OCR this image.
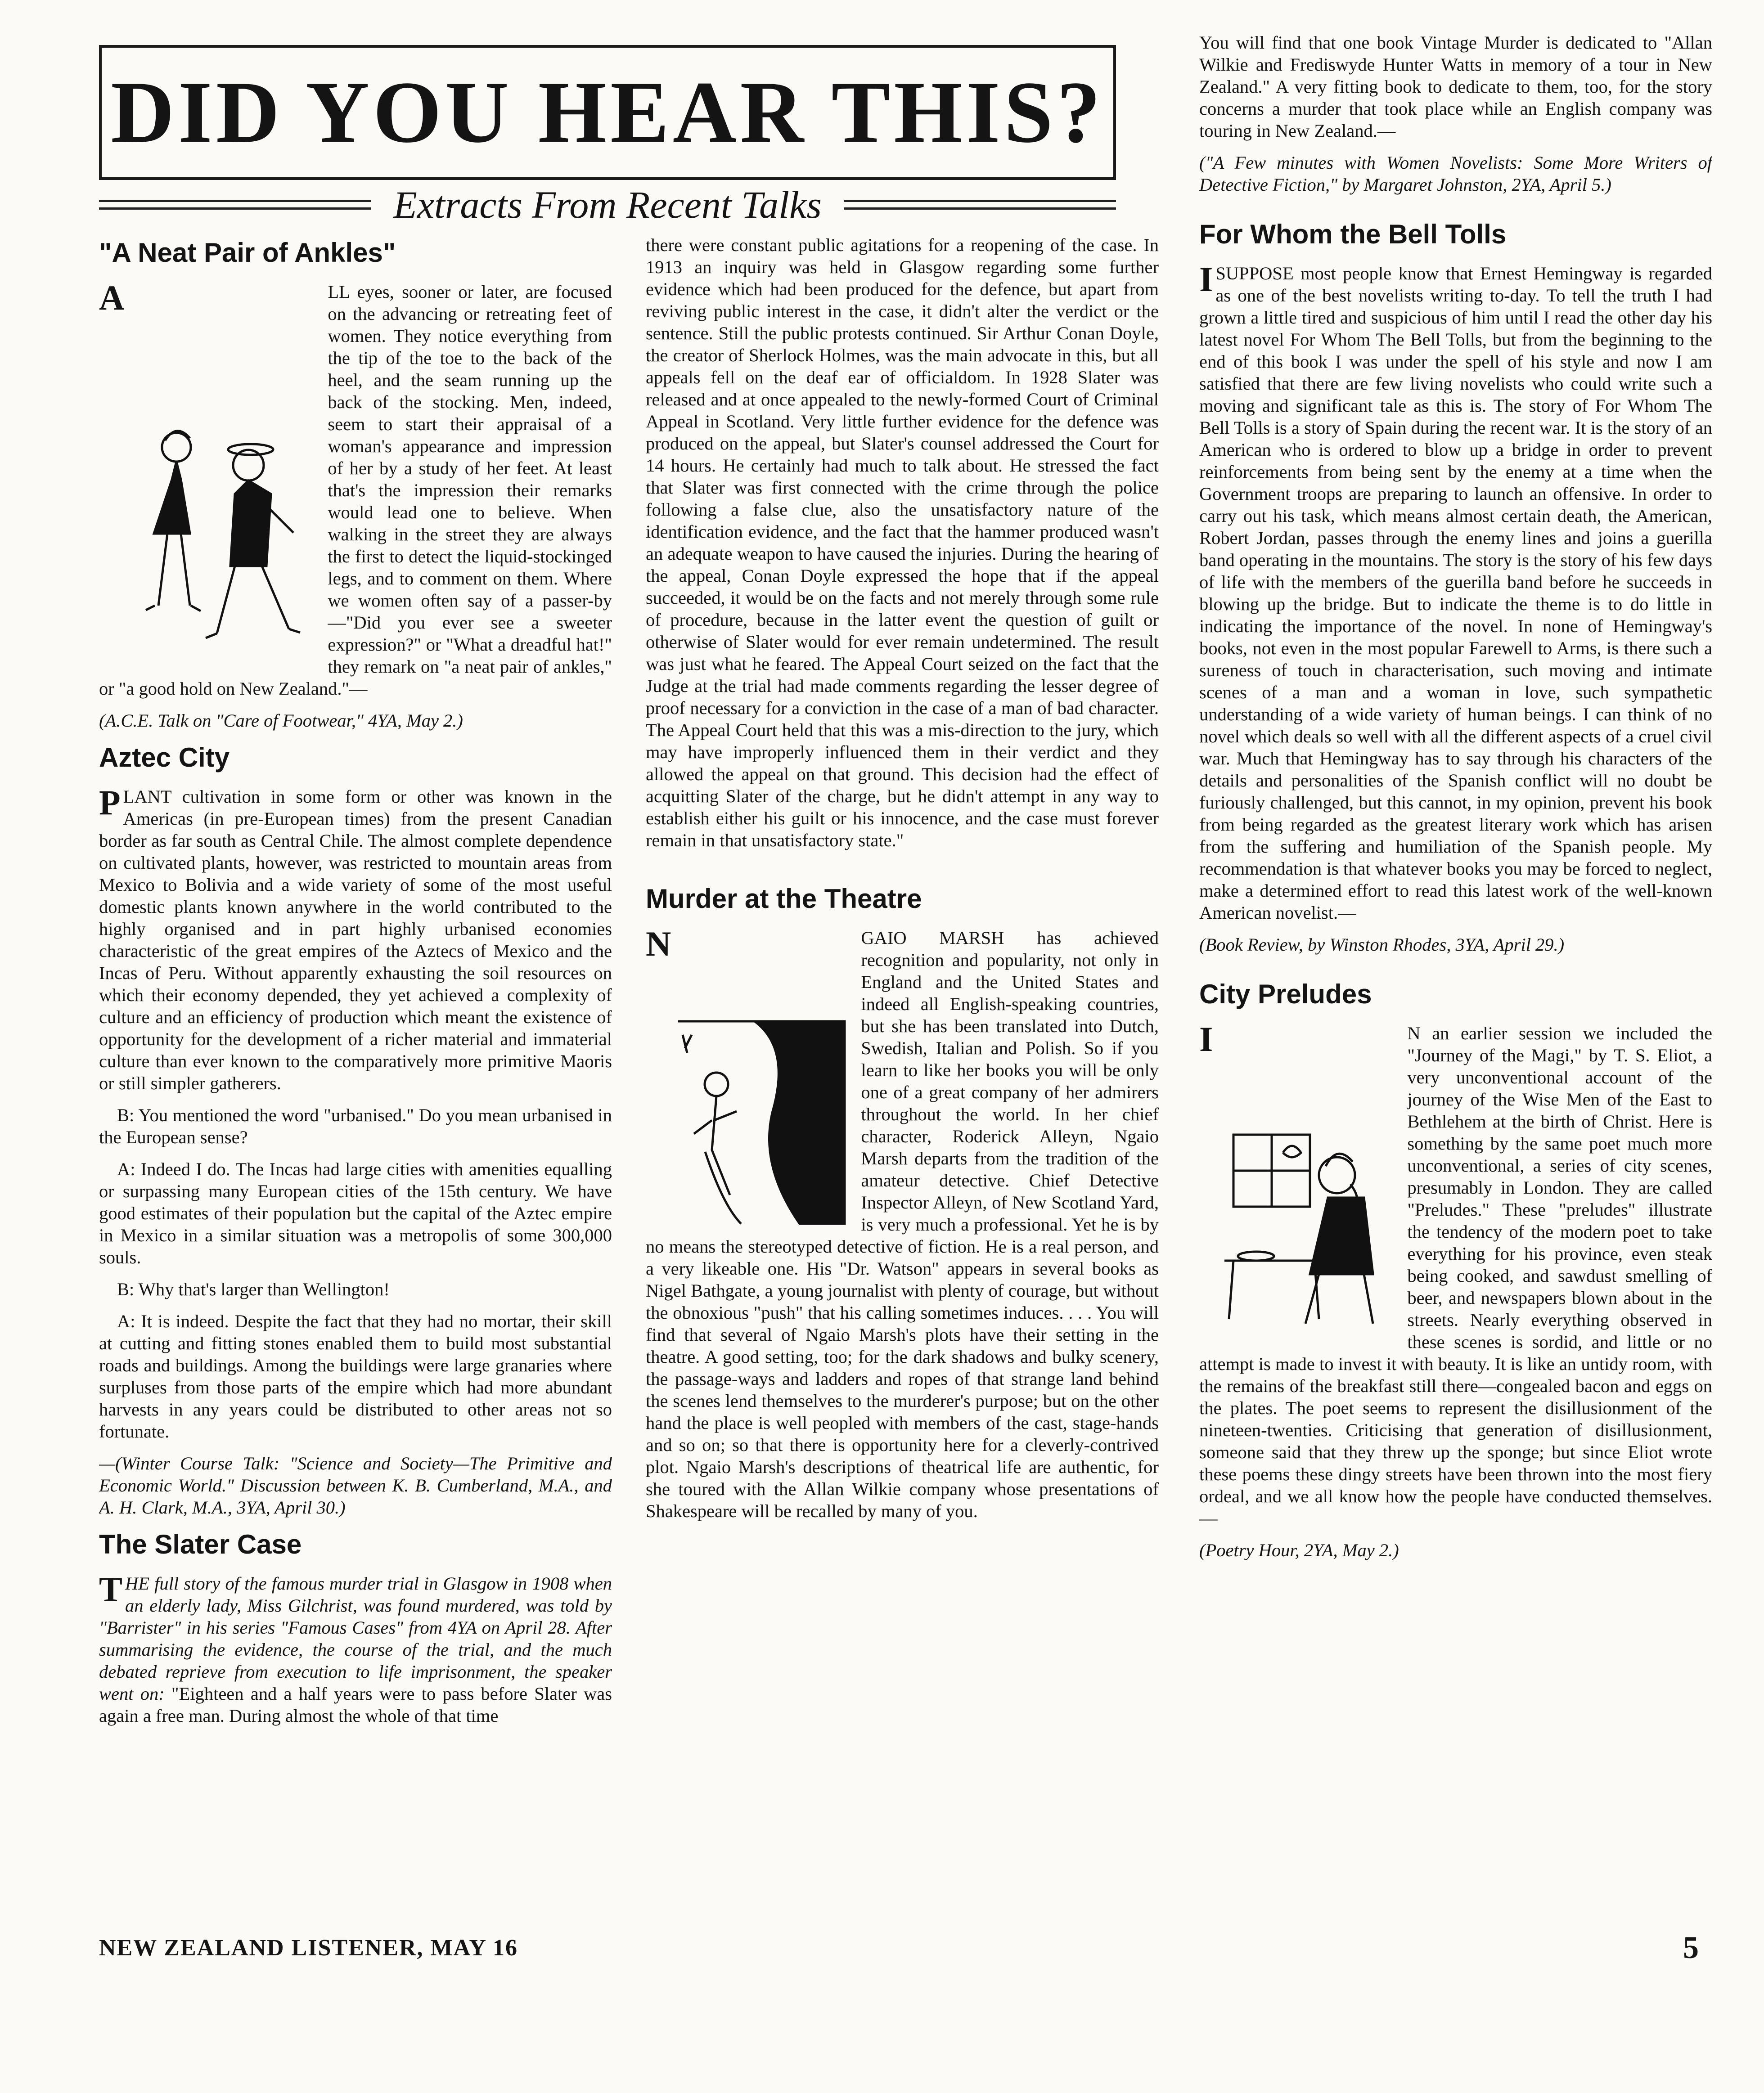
DID YOU HEAR THIS?
Extracts From Recent Talks
"A Neat Pair of Ankles"

A	LL eyes, sooner or later, are focused on the advancing or retreating feet of women. They notice everything from the tip of the toe to the back of the heel, and the seam running up the back of the stocking. Men, indeed, seem to start their appraisal of a woman's appearance and impression of her by a study of her feet. At least that's the impression their remarks would lead one to believe. When walking in the street they are always the first to detect the liquid-stockinged legs, and to comment on them. Where we women often say of a passer-by—"Did you ever see a sweeter expression?" or "What a dreadful hat!" they remark on "a neat pair of ankles," or "a good hold on New Zealand."—

(A.C.E. Talk on "Care of Footwear," 4YA, May 2.)

Aztec City

P LANT cultivation in some form or other was known in the Americas (in pre-European times) from the present Canadian border as far south as Central Chile. The almost complete dependence on cultivated plants, however, was restricted to mountain areas from Mexico to Bolivia and a wide variety of some of the most useful domestic plants known anywhere in the world contributed to the highly organised and in part highly urbanised economies characteristic of the great empires of the Aztecs of Mexico and the Incas of Peru. Without apparently exhausting the soil resources on which their economy depended, they yet achieved a complexity of culture and an efficiency of production which meant the existence of opportunity for the development of a richer material and immaterial culture than ever known to the comparatively more primitive Maoris or still simpler gatherers.

B: You mentioned the word "urbanised." Do you mean urbanised in the European sense?

A: Indeed I do. The Incas had large cities with amenities equalling or surpassing many European cities of the 15th century. We have good estimates of their population but the capital of the Aztec empire in Mexico in a similar situation was a metropolis of some 300,000 souls.

B: Why that's larger than Wellington!

A: It is indeed. Despite the fact that they had no mortar, their skill at cutting and fitting stones enabled them to build most substantial roads and buildings. Among the buildings were large granaries where surpluses from those parts of the empire which had more abundant harvests in any years could be distributed to other areas not so fortunate.

—(Winter Course Talk: "Science and Society—The Primitive and Economic World." Discussion between K. B. Cumberland, M.A., and A. H. Clark, M.A., 3YA, April 30.)

The Slater Case

T HE full story of the famous murder trial in Glasgow in 1908 when an elderly lady, Miss Gilchrist, was found murdered, was told by "Barrister" in his series "Famous Cases" from 4YA on April 28. After summarising the evidence, the course of the trial, and the much debated reprieve from execution to life imprisonment, the speaker went on: "Eighteen and a half years were to pass before Slater was again a free man. During almost the whole of that time

there were constant public agitations for a reopening of the case. In 1913 an inquiry was held in Glasgow regarding some further evidence which had been produced for the defence, but apart from reviving public interest in the case, it didn't alter the verdict or the sentence. Still the public protests continued. Sir Arthur Conan Doyle, the creator of Sherlock Holmes, was the main advocate in this, but all appeals fell on the deaf ear of officialdom. In 1928 Slater was released and at once appealed to the newly-formed Court of Criminal Appeal in Scotland. Very little further evidence for the defence was produced on the appeal, but Slater's counsel addressed the Court for 14 hours. He certainly had much to talk about. He stressed the fact that Slater was first connected with the crime through the police following a false clue, also the unsatisfactory nature of the identification evidence, and the fact that the hammer produced wasn't an adequate weapon to have caused the injuries. During the hearing of the appeal, Conan Doyle expressed the hope that if the appeal succeeded, it would be on the facts and not merely through some rule of procedure, because in the latter event the question of guilt or otherwise of Slater would for ever remain undetermined. The result was just what he feared. The Appeal Court seized on the fact that the Judge at the trial had made comments regarding the lesser degree of proof necessary for a conviction in the case of a man of bad character. The Appeal Court held that this was a mis-direction to the jury, which may have improperly influenced them in their verdict and they allowed the appeal on that ground. This decision had the effect of acquitting Slater of the charge, but he didn't attempt in any way to establish either his guilt or his innocence, and the case must forever remain in that unsatisfactory state."

Murder at the Theatre

N	GAIO MARSH has achieved recognition and popularity, not only in England and the United States and indeed all English-speaking countries, but she has been translated into Dutch, Swedish, Italian and Polish. So if you learn to like her books you will be only one of a great company of her admirers throughout the world. In her chief character, Roderick Alleyn, Ngaio Marsh departs from the tradition of the amateur detective. Chief Detective Inspector Alleyn, of New Scotland Yard, is very much a professional. Yet he is by no means the stereotyped detective of fiction. He is a real person, and a very likeable one. His "Dr. Watson" appears in several books as Nigel Bathgate, a young journalist with plenty of courage, but without the obnoxious "push" that his calling sometimes induces. . . . You will find that several of Ngaio Marsh's plots have their setting in the theatre. A good setting, too; for the dark shadows and bulky scenery, the passage-ways and ladders and ropes of that strange land behind the scenes lend themselves to the murderer's purpose; but on the other hand the place is well peopled with members of the cast, stage-hands and so on; so that there is opportunity here for a cleverly-contrived plot. Ngaio Marsh's descriptions of theatrical life are authentic, for she toured with the Allan Wilkie company whose presentations of Shakespeare will be recalled by many of you.

You will find that one book Vintage Murder is dedicated to "Allan Wilkie and Frediswyde Hunter Watts in memory of a tour in New Zealand." A very fitting book to dedicate to them, too, for the story concerns a murder that took place while an English company was touring in New Zealand.—

("A Few minutes with Women Novelists: Some More Writers of Detective Fiction," by Margaret Johnston, 2YA, April 5.)

For Whom the Bell Tolls

I SUPPOSE most people know that Ernest Hemingway is regarded as one of the best novelists writing to-day. To tell the truth I had grown a little tired and suspicious of him until I read the other day his latest novel For Whom The Bell Tolls, but from the beginning to the end of this book I was under the spell of his style and now I am satisfied that there are few living novelists who could write such a moving and significant tale as this is. The story of For Whom The Bell Tolls is a story of Spain during the recent war. It is the story of an American who is ordered to blow up a bridge in order to prevent reinforcements from being sent by the enemy at a time when the Government troops are preparing to launch an offensive. In order to carry out his task, which means almost certain death, the American, Robert Jordan, passes through the enemy lines and joins a guerilla band operating in the mountains. The story is the story of his few days of life with the members of the guerilla band before he succeeds in blowing up the bridge. But to indicate the theme is to do little in indicating the importance of the novel. In none of Hemingway's books, not even in the most popular Farewell to Arms, is there such a sureness of touch in characterisation, such moving and intimate scenes of a man and a woman in love, such sympathetic understanding of a wide variety of human beings. I can think of no novel which deals so well with all the different aspects of a cruel civil war. Much that Hemingway has to say through his characters of the details and personalities of the Spanish conflict will no doubt be furiously challenged, but this cannot, in my opinion, prevent his book from being regarded as the greatest literary work which has arisen from the suffering and humiliation of the Spanish people. My recommendation is that whatever books you may be forced to neglect, make a determined effort to read this latest work of the well-known American novelist.—

(Book Review, by Winston Rhodes, 3YA, April 29.)

City Preludes

I	N an earlier session we included the "Journey of the Magi," by T. S. Eliot, a very unconventional account of the journey of the Wise Men of the East to Bethlehem at the birth of Christ. Here is something by the same poet much more unconventional, a series of city scenes, presumably in London. They are called "Preludes." These "preludes" illustrate the tendency of the modern poet to take everything for his province, even steak being cooked, and sawdust smelling of beer, and newspapers blown about in the streets. Nearly everything observed in these scenes is sordid, and little or no attempt is made to invest it with beauty. It is like an untidy room, with the remains of the breakfast still there—congealed bacon and eggs on the plates. The poet seems to represent the disillusionment of the nineteen-twenties. Criticising that generation of disillusionment, someone said that they threw up the sponge; but since Eliot wrote these poems these dingy streets have been thrown into the most fiery ordeal, and we all know how the people have conducted themselves.—

(Poetry Hour, 2YA, May 2.)

NEW ZEALAND LISTENER, MAY 16	5
